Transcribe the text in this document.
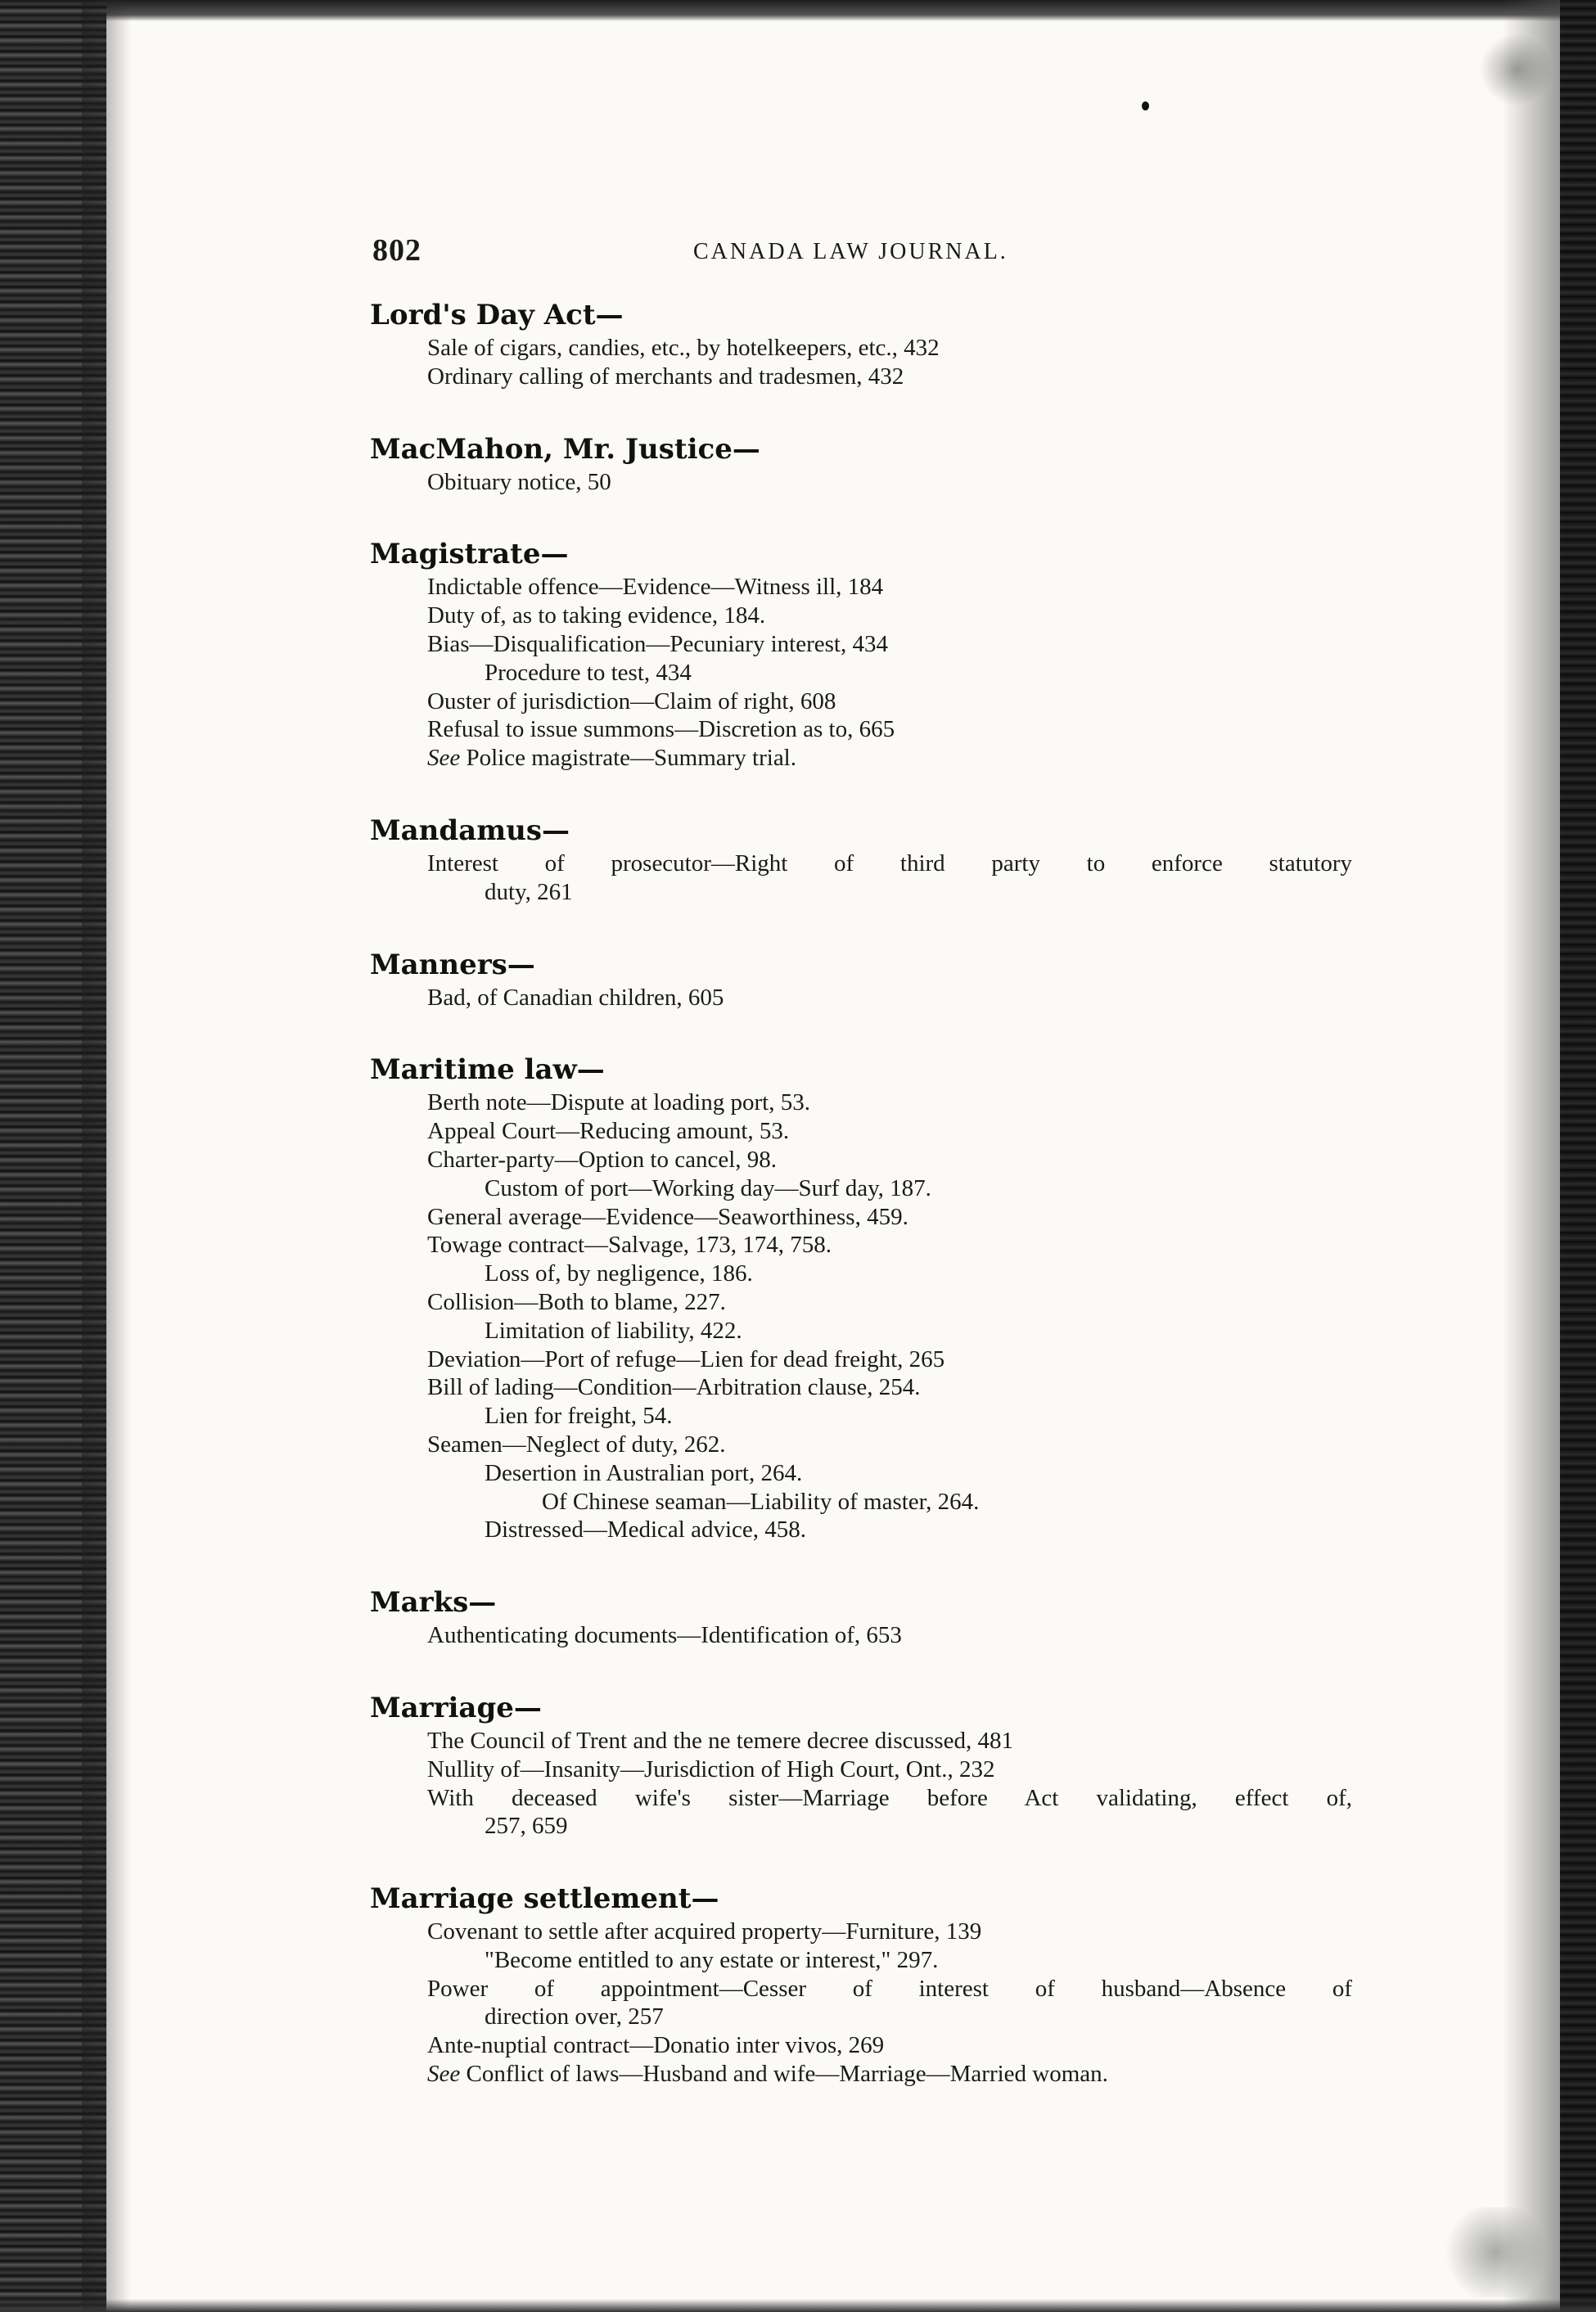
802	CANADA LAW JOURNAL.
Lord's Day Act—
Sale of cigars, candies, etc., by hotelkeepers, etc., 432
Ordinary calling of merchants and tradesmen, 432
MacMahon, Mr. Justice—
Obituary notice, 50
Magistrate—
Indictable offence—Evidence—Witness ill, 184
Duty of, as to taking evidence, 184.
Bias—Disqualification—Pecuniary interest, 434
Procedure to test, 434
Ouster of jurisdiction—Claim of right, 608
Refusal to issue summons—Discretion as to, 665
See Police magistrate—Summary trial.
Mandamus—
Interest of prosecutor—Right of third party to enforce statutory
duty, 261
Manners—
Bad, of Canadian children, 605
Maritime law—
Berth note—Dispute at loading port, 53.
Appeal Court—Reducing amount, 53.
Charter-party—Option to cancel, 98.
Custom of port—Working day—Surf day, 187.
General average—Evidence—Seaworthiness, 459.
Towage contract—Salvage, 173, 174, 758.
Loss of, by negligence, 186.
Collision—Both to blame, 227.
Limitation of liability, 422.
Deviation—Port of refuge—Lien for dead freight, 265
Bill of lading—Condition—Arbitration clause, 254.
Lien for freight, 54.
Seamen—Neglect of duty, 262.
Desertion in Australian port, 264.
Of Chinese seaman—Liability of master, 264.
Distressed—Medical advice, 458.
Marks—
Authenticating documents—Identification of, 653
Marriage—
The Council of Trent and the ne temere decree discussed, 481
Nullity of—Insanity—Jurisdiction of High Court, Ont., 232
With deceased wife's sister—Marriage before Act validating, effect of,
257, 659
Marriage settlement—
Covenant to settle after acquired property—Furniture, 139
"Become entitled to any estate or interest," 297.
Power of appointment—Cesser of interest of husband—Absence of
direction over, 257
Ante-nuptial contract—Donatio inter vivos, 269
See Conflict of laws—Husband and wife—Marriage—Married woman.
